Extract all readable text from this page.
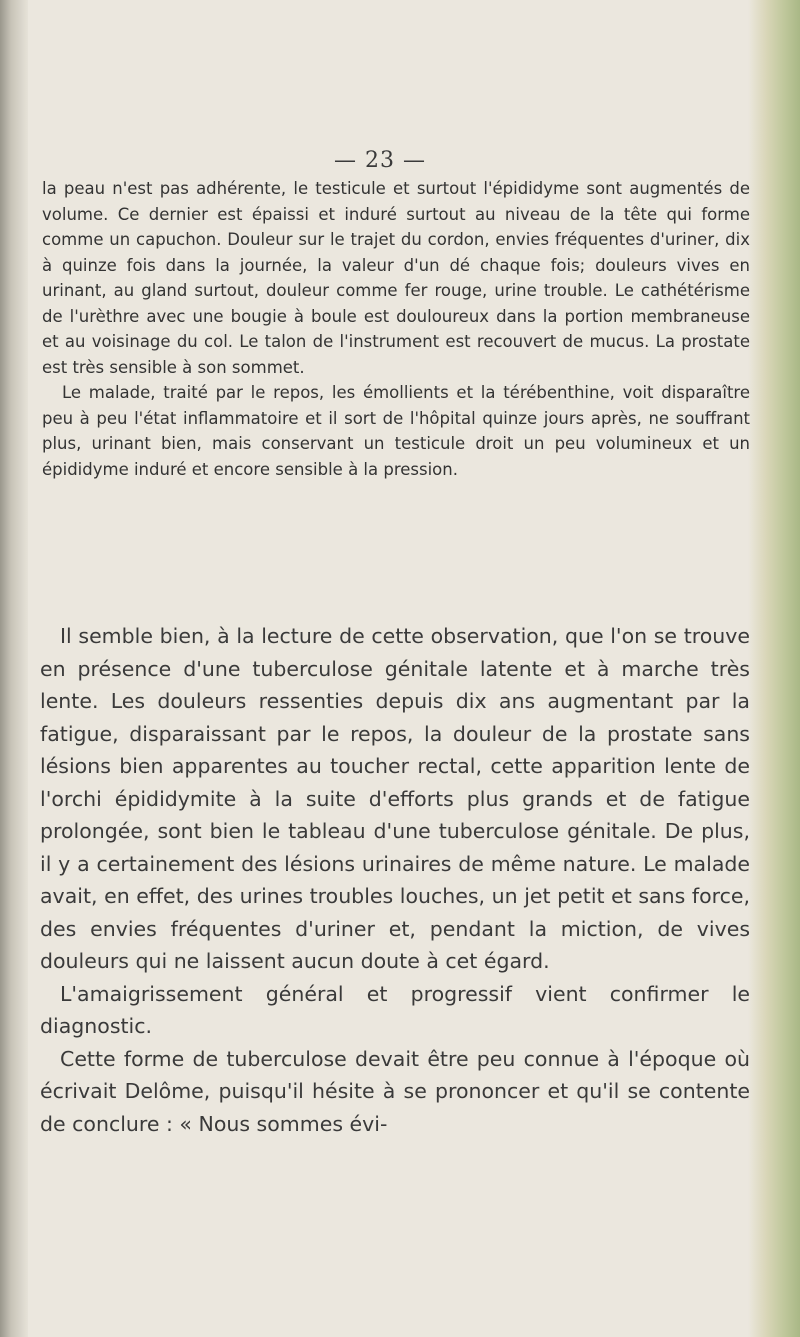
— 23 —

la peau n'est pas adhérente, le testicule et surtout l'épididyme sont augmentés de volume. Ce dernier est épaissi et induré surtout au niveau de la tête qui forme comme un capuchon. Douleur sur le trajet du cordon, envies fréquentes d'uriner, dix à quinze fois dans la journée, la valeur d'un dé chaque fois; douleurs vives en urinant, au gland surtout, douleur comme fer rouge, urine trouble. Le cathétérisme de l'urèthre avec une bougie à boule est douloureux dans la portion membraneuse et au voisinage du col. Le talon de l'instrument est recouvert de mucus. La prostate est très sensible à son sommet.

Le malade, traité par le repos, les émollients et la térébenthine, voit disparaître peu à peu l'état inflammatoire et il sort de l'hôpital quinze jours après, ne souffrant plus, urinant bien, mais conservant un testicule droit un peu volumineux et un épididyme induré et encore sensible à la pression.

Il semble bien, à la lecture de cette observation, que l'on se trouve en présence d'une tuberculose génitale latente et à marche très lente. Les douleurs ressenties depuis dix ans augmentant par la fatigue, disparaissant par le repos, la douleur de la prostate sans lésions bien apparentes au toucher rectal, cette apparition lente de l'orchi épididymite à la suite d'efforts plus grands et de fatigue prolongée, sont bien le tableau d'une tuberculose génitale. De plus, il y a certainement des lésions urinaires de même nature. Le malade avait, en effet, des urines troubles louches, un jet petit et sans force, des envies fréquentes d'uriner et, pendant la miction, de vives douleurs qui ne laissent aucun doute à cet égard.

L'amaigrissement général et progressif vient confirmer le diagnostic.

Cette forme de tuberculose devait être peu connue à l'époque où écrivait Delôme, puisqu'il hésite à se prononcer et qu'il se contente de conclure : « Nous sommes évi-
